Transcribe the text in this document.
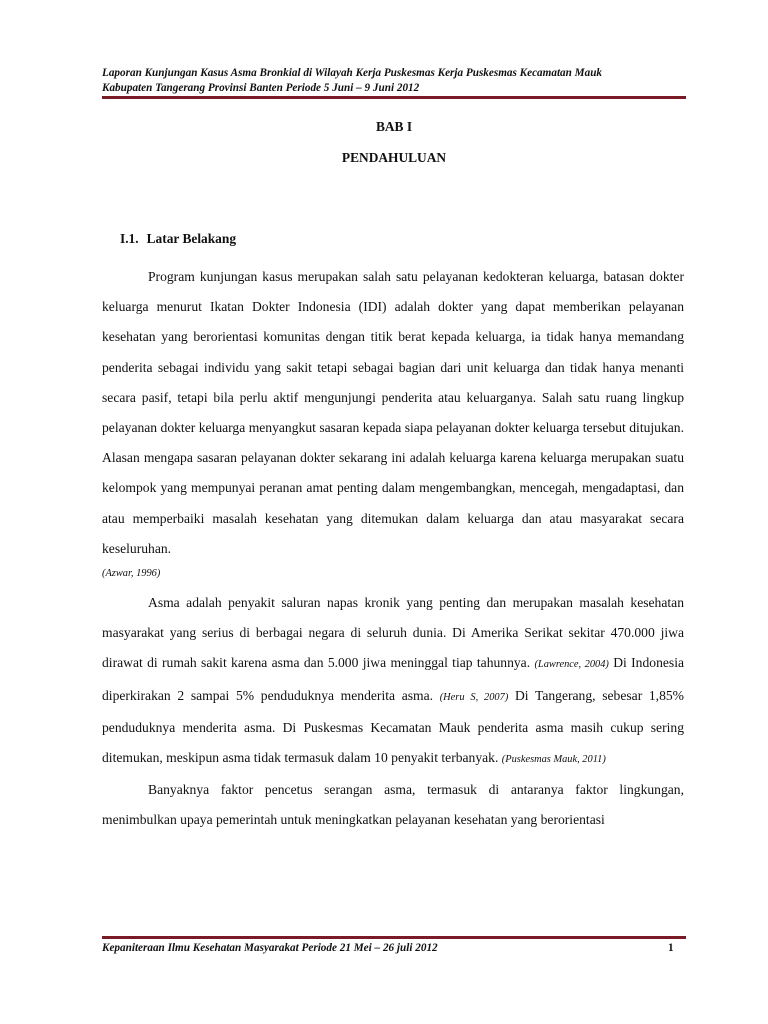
Laporan Kunjungan Kasus Asma Bronkial di Wilayah Kerja Puskesmas Kerja Puskesmas Kecamatan Mauk
Kabupaten Tangerang Provinsi Banten Periode 5 Juni – 9 Juni 2012
BAB I
PENDAHULUAN
I.1. Latar Belakang

Program kunjungan kasus merupakan salah satu pelayanan kedokteran keluarga, batasan dokter keluarga menurut Ikatan Dokter Indonesia (IDI) adalah dokter yang dapat memberikan pelayanan kesehatan yang berorientasi komunitas dengan titik berat kepada keluarga, ia tidak hanya memandang penderita sebagai individu yang sakit tetapi sebagai bagian dari unit keluarga dan tidak hanya menanti secara pasif, tetapi bila perlu aktif mengunjungi penderita atau keluarganya. Salah satu ruang lingkup pelayanan dokter keluarga menyangkut sasaran kepada siapa pelayanan dokter keluarga tersebut ditujukan. Alasan mengapa sasaran pelayanan dokter sekarang ini adalah keluarga karena keluarga merupakan suatu kelompok yang mempunyai peranan amat penting dalam mengembangkan, mencegah, mengadaptasi, dan atau memperbaiki masalah kesehatan yang ditemukan dalam keluarga dan atau masyarakat secara keseluruhan.
(Azwar, 1996)

Asma adalah penyakit saluran napas kronik yang penting dan merupakan masalah kesehatan masyarakat yang serius di berbagai negara di seluruh dunia. Di Amerika Serikat sekitar 470.000 jiwa dirawat di rumah sakit karena asma dan 5.000 jiwa meninggal tiap tahunnya. (Lawrence, 2004) Di Indonesia diperkirakan 2 sampai 5% penduduknya menderita asma. (Heru S, 2007) Di Tangerang, sebesar 1,85% penduduknya menderita asma. Di Puskesmas Kecamatan Mauk penderita asma masih cukup sering ditemukan, meskipun asma tidak termasuk dalam 10 penyakit terbanyak. (Puskesmas Mauk, 2011)

Banyaknya faktor pencetus serangan asma, termasuk di antaranya faktor lingkungan, menimbulkan upaya pemerintah untuk meningkatkan pelayanan kesehatan yang berorientasi

Kepaniteraan Ilmu Kesehatan Masyarakat Periode 21 Mei – 26 juli 2012	1
